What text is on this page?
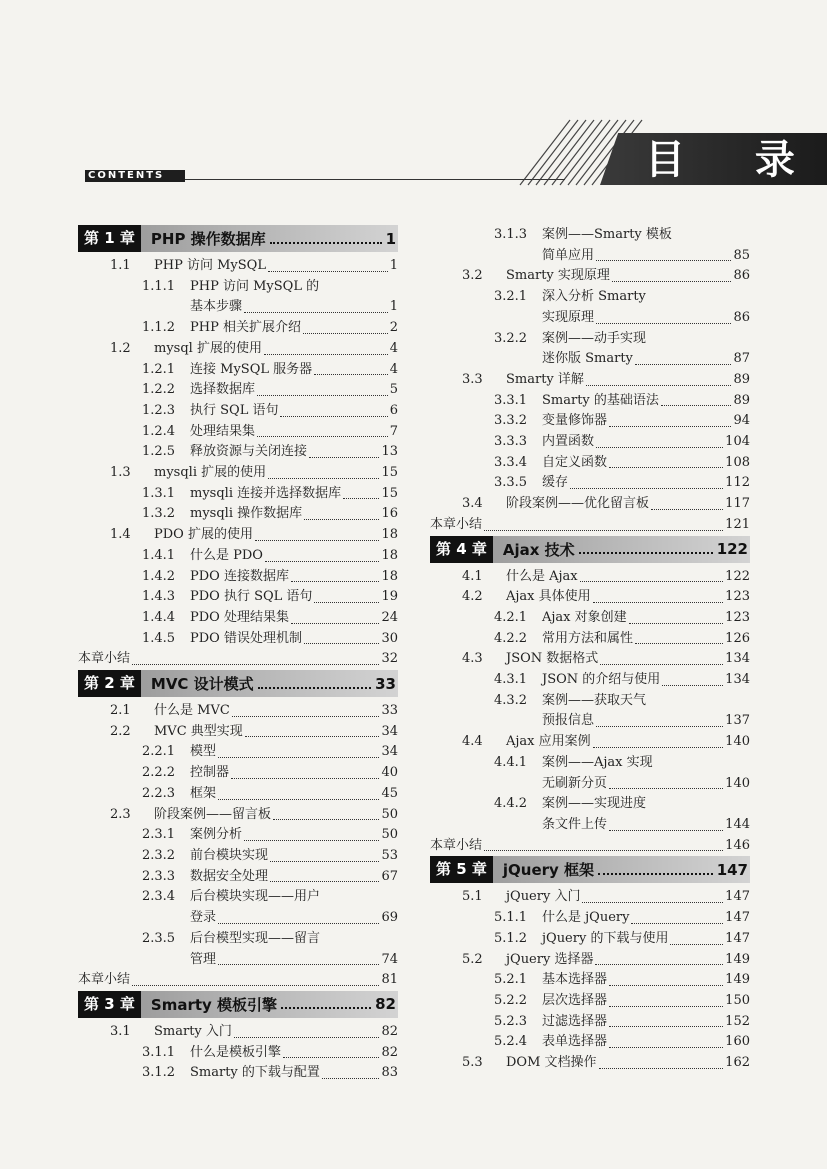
CONTENTS	目 录
第 1 章	PHP 操作数据库	1
1.1	PHP 访问 MySQL	1
1.1.1	PHP 访问 MySQL 的
基本步骤	1
1.1.2	PHP 相关扩展介绍	2
1.2	mysql 扩展的使用	4
1.2.1	连接 MySQL 服务器	4
1.2.2	选择数据库	5
1.2.3	执行 SQL 语句	6
1.2.4	处理结果集	7
1.2.5	释放资源与关闭连接	13
1.3	mysqli 扩展的使用	15
1.3.1	mysqli 连接并选择数据库	15
1.3.2	mysqli 操作数据库	16
1.4	PDO 扩展的使用	18
1.4.1	什么是 PDO	18
1.4.2	PDO 连接数据库	18
1.4.3	PDO 执行 SQL 语句	19
1.4.4	PDO 处理结果集	24
1.4.5	PDO 错误处理机制	30
本章小结	32
第 2 章	MVC 设计模式	33
2.1	什么是 MVC	33
2.2	MVC 典型实现	34
2.2.1	模型	34
2.2.2	控制器	40
2.2.3	框架	45
2.3	阶段案例——留言板	50
2.3.1	案例分析	50
2.3.2	前台模块实现	53
2.3.3	数据安全处理	67
2.3.4	后台模块实现——用户
登录	69
2.3.5	后台模型实现——留言
管理	74
本章小结	81
第 3 章	Smarty 模板引擎	82
3.1	Smarty 入门	82
3.1.1	什么是模板引擎	82
3.1.2	Smarty 的下载与配置	83
3.1.3	案例——Smarty 模板
简单应用	85
3.2	Smarty 实现原理	86
3.2.1	深入分析 Smarty
实现原理	86
3.2.2	案例——动手实现
迷你版 Smarty	87
3.3	Smarty 详解	89
3.3.1	Smarty 的基础语法	89
3.3.2	变量修饰器	94
3.3.3	内置函数	104
3.3.4	自定义函数	108
3.3.5	缓存	112
3.4	阶段案例——优化留言板	117
本章小结	121
第 4 章	Ajax 技术	122
4.1	什么是 Ajax	122
4.2	Ajax 具体使用	123
4.2.1	Ajax 对象创建	123
4.2.2	常用方法和属性	126
4.3	JSON 数据格式	134
4.3.1	JSON 的介绍与使用	134
4.3.2	案例——获取天气
预报信息	137
4.4	Ajax 应用案例	140
4.4.1	案例——Ajax 实现
无刷新分页	140
4.4.2	案例——实现进度
条文件上传	144
本章小结	146
第 5 章	jQuery 框架	147
5.1	jQuery 入门	147
5.1.1	什么是 jQuery	147
5.1.2	jQuery 的下载与使用	147
5.2	jQuery 选择器	149
5.2.1	基本选择器	149
5.2.2	层次选择器	150
5.2.3	过滤选择器	152
5.2.4	表单选择器	160
5.3	DOM 文档操作	162
